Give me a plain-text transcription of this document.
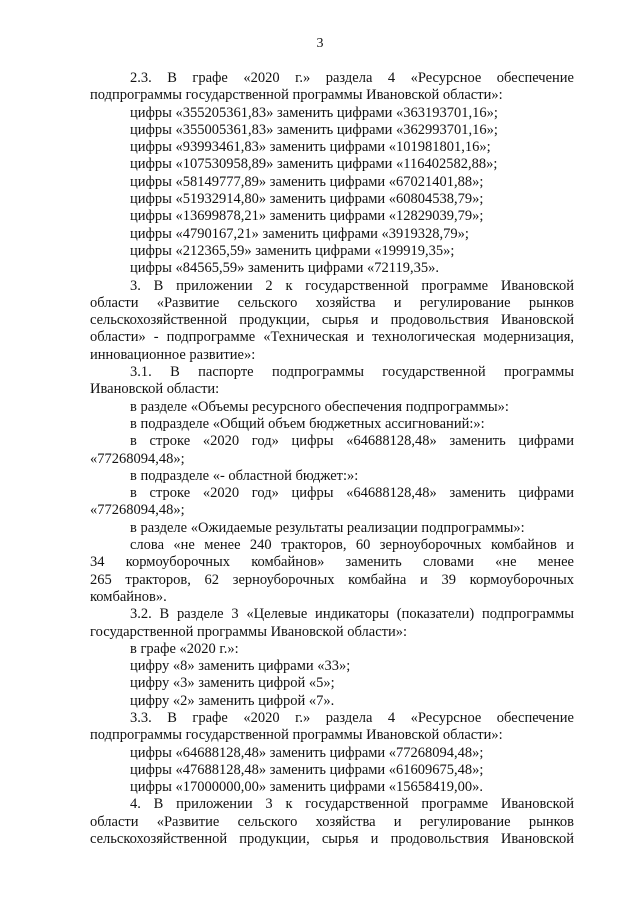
3
2.3. В графе «2020 г.» раздела 4 «Ресурсное обеспечение
подпрограммы государственной программы Ивановской области»:
цифры «355205361,83» заменить цифрами «363193701,16»;
цифры «355005361,83» заменить цифрами «362993701,16»;
цифры «93993461,83» заменить цифрами «101981801,16»;
цифры «107530958,89» заменить цифрами «116402582,88»;
цифры «58149777,89» заменить цифрами «67021401,88»;
цифры «51932914,80» заменить цифрами «60804538,79»;
цифры «13699878,21» заменить цифрами «12829039,79»;
цифры «4790167,21» заменить цифрами «3919328,79»;
цифры «212365,59» заменить цифрами «199919,35»;
цифры «84565,59» заменить цифрами «72119,35».
3. В приложении 2 к государственной программе Ивановской
области «Развитие сельского хозяйства и регулирование рынков
сельскохозяйственной продукции, сырья и продовольствия Ивановской
области» - подпрограмме «Техническая и технологическая модернизация,
инновационное развитие»:
3.1. В паспорте подпрограммы государственной программы
Ивановской области:
в разделе «Объемы ресурсного обеспечения подпрограммы»:
в подразделе «Общий объем бюджетных ассигнований:»:
в строке «2020 год» цифры «64688128,48» заменить цифрами
«77268094,48»;
в подразделе «- областной бюджет:»:
в строке «2020 год» цифры «64688128,48» заменить цифрами
«77268094,48»;
в разделе «Ожидаемые результаты реализации подпрограммы»:
слова «не менее 240 тракторов, 60 зерноуборочных комбайнов и
34 кормоуборочных комбайнов» заменить словами «не менее
265 тракторов, 62 зерноуборочных комбайна и 39 кормоуборочных
комбайнов».
3.2. В разделе 3 «Целевые индикаторы (показатели) подпрограммы
государственной программы Ивановской области»:
в графе «2020 г.»:
цифру «8» заменить цифрами «33»;
цифру «3» заменить цифрой «5»;
цифру «2» заменить цифрой «7».
3.3. В графе «2020 г.» раздела 4 «Ресурсное обеспечение
подпрограммы государственной программы Ивановской области»:
цифры «64688128,48» заменить цифрами «77268094,48»;
цифры «47688128,48» заменить цифрами «61609675,48»;
цифры «17000000,00» заменить цифрами «15658419,00».
4. В приложении 3 к государственной программе Ивановской
области «Развитие сельского хозяйства и регулирование рынков
сельскохозяйственной продукции, сырья и продовольствия Ивановской
